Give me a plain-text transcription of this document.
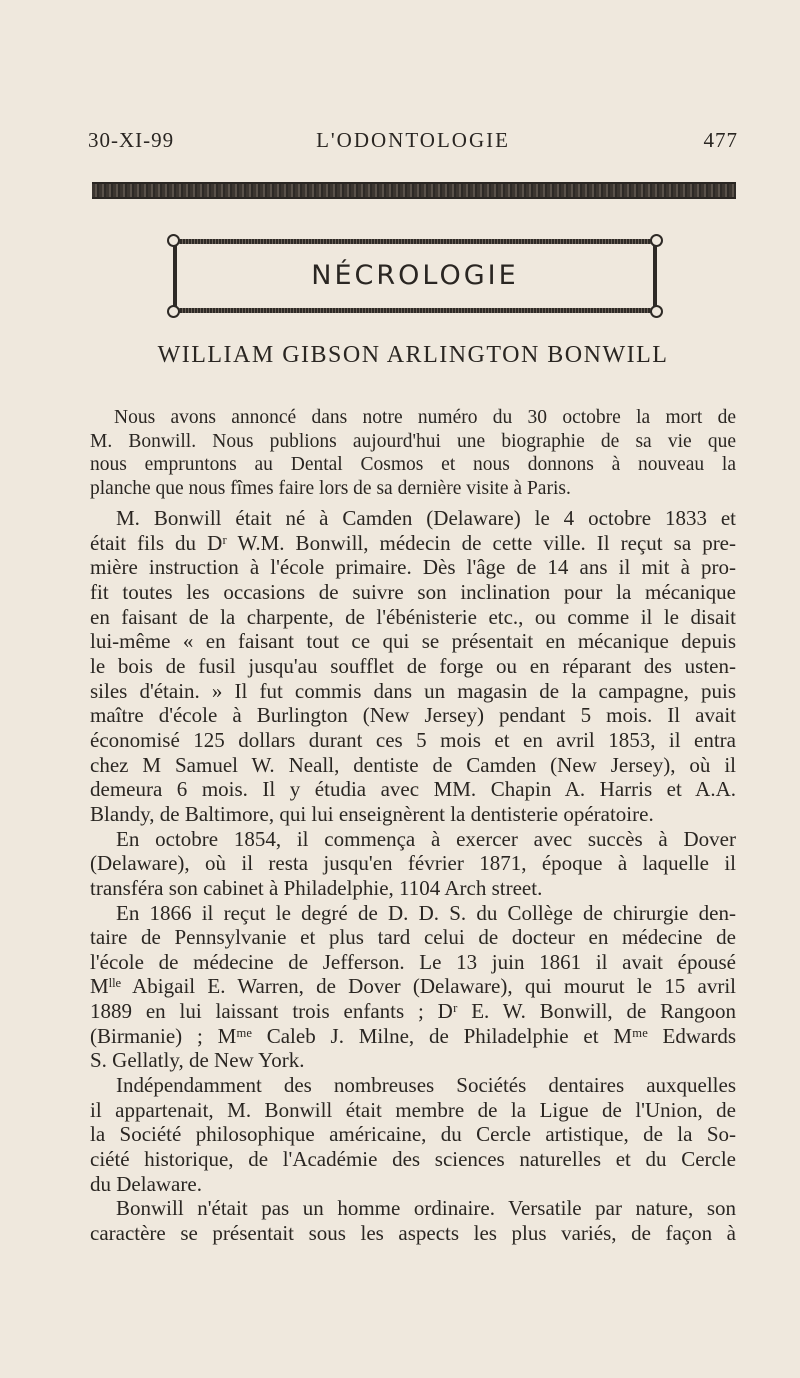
30-XI-99	L'ODONTOLOGIE	477
NÉCROLOGIE
WILLIAM GIBSON ARLINGTON BONWILL
Nous avons annoncé dans notre numéro du 30 octobre la mort de
M. Bonwill. Nous publions aujourd'hui une biographie de sa vie que
nous empruntons au Dental Cosmos et nous donnons à nouveau la
planche que nous fîmes faire lors de sa dernière visite à Paris.
M. Bonwill était né à Camden (Delaware) le 4 octobre 1833 et
était fils du Dʳ W.M. Bonwill, médecin de cette ville. Il reçut sa pre-
mière instruction à l'école primaire. Dès l'âge de 14 ans il mit à pro-
fit toutes les occasions de suivre son inclination pour la mécanique
en faisant de la charpente, de l'ébénisterie etc., ou comme il le disait
lui-même « en faisant tout ce qui se présentait en mécanique depuis
le bois de fusil jusqu'au soufflet de forge ou en réparant des usten-
siles d'étain. » Il fut commis dans un magasin de la campagne, puis
maître d'école à Burlington (New Jersey) pendant 5 mois. Il avait
économisé 125 dollars durant ces 5 mois et en avril 1853, il entra
chez M Samuel W. Neall, dentiste de Camden (New Jersey), où il
demeura 6 mois. Il y étudia avec MM. Chapin A. Harris et A.A.
Blandy, de Baltimore, qui lui enseignèrent la dentisterie opératoire.
En octobre 1854, il commença à exercer avec succès à Dover
(Delaware), où il resta jusqu'en février 1871, époque à laquelle il
transféra son cabinet à Philadelphie, 1104 Arch street.
En 1866 il reçut le degré de D. D. S. du Collège de chirurgie den-
taire de Pennsylvanie et plus tard celui de docteur en médecine de
l'école de médecine de Jefferson. Le 13 juin 1861 il avait épousé
Mˡˡᵉ Abigail E. Warren, de Dover (Delaware), qui mourut le 15 avril
1889 en lui laissant trois enfants ; Dʳ E. W. Bonwill, de Rangoon
(Birmanie) ; Mᵐᵉ Caleb J. Milne, de Philadelphie et Mᵐᵉ Edwards
S. Gellatly, de New York.
Indépendamment des nombreuses Sociétés dentaires auxquelles
il appartenait, M. Bonwill était membre de la Ligue de l'Union, de
la Société philosophique américaine, du Cercle artistique, de la So-
ciété historique, de l'Académie des sciences naturelles et du Cercle
du Delaware.
Bonwill n'était pas un homme ordinaire. Versatile par nature, son
caractère se présentait sous les aspects les plus variés, de façon à
